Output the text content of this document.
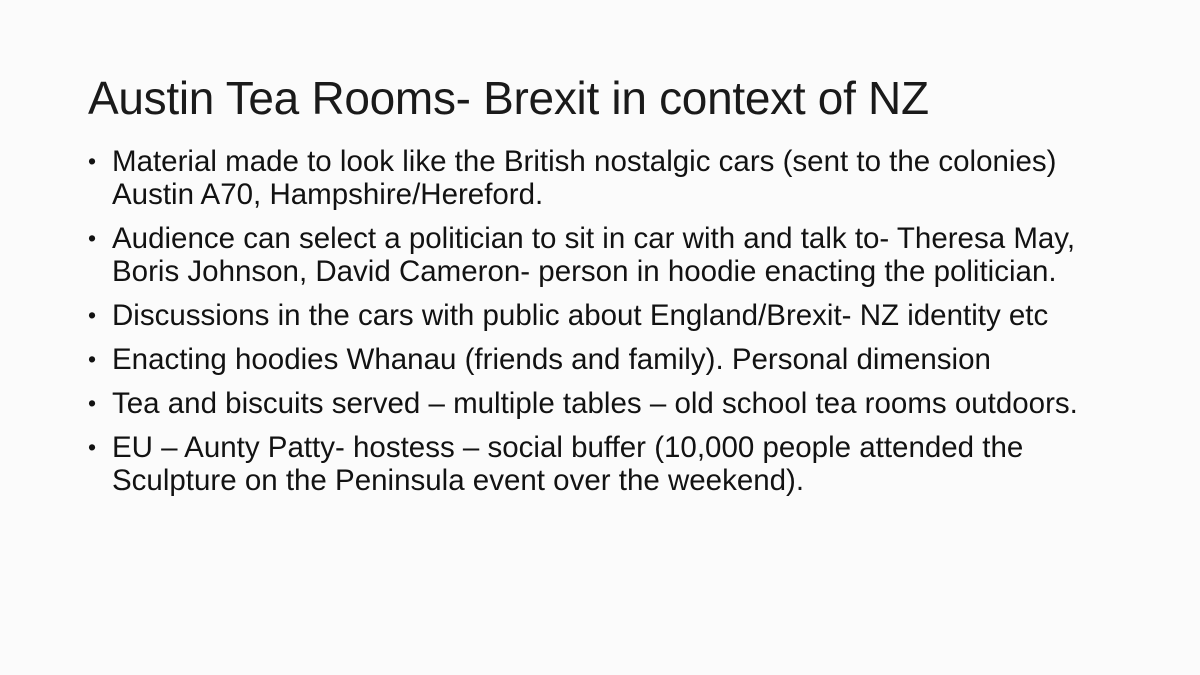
Austin Tea Rooms- Brexit in context of NZ
• Material made to look like the British nostalgic cars (sent to the colonies) Austin A70, Hampshire/Hereford.
• Audience can select a politician to sit in car with and talk to- Theresa May, Boris Johnson, David Cameron- person in hoodie enacting the politician.
• Discussions in the cars with public about England/Brexit- NZ identity etc
• Enacting hoodies Whanau (friends and family). Personal dimension
• Tea and biscuits served – multiple tables – old school tea rooms outdoors.
• EU – Aunty Patty- hostess – social buffer (10,000 people attended the Sculpture on the Peninsula event over the weekend).
